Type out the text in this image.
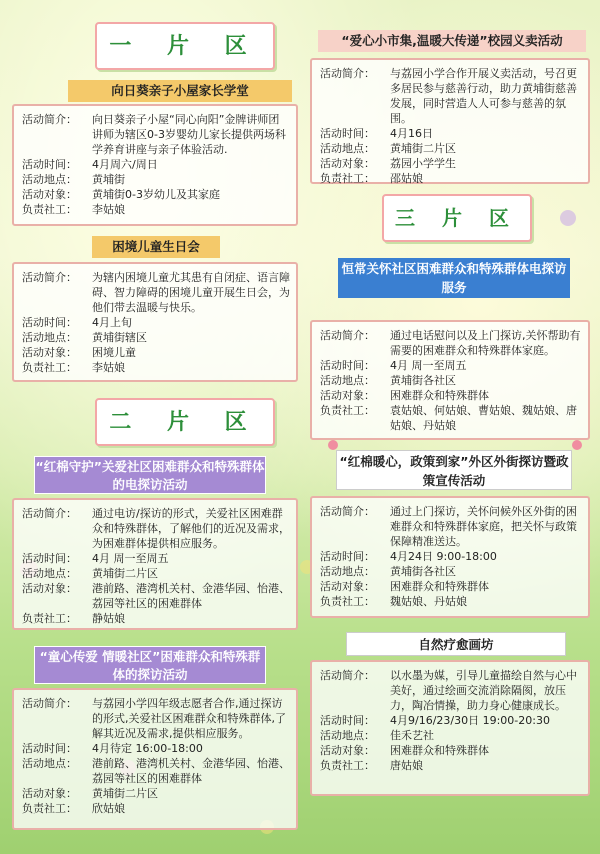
一 片 区
向日葵亲子小屋家长学堂
活动简介：	向日葵亲子小屋“同心向阳”金牌讲师团讲师为辖区0-3岁婴幼儿家长提供两场科学养育讲座与亲子体验活动.
活动时间：	4月周六/周日
活动地点：	黄埔街
活动对象：	黄埔街0-3岁幼儿及其家庭
负责社工：	李姑娘
困境儿童生日会
活动简介：	为辖内困境儿童尤其患有自闭症、语言障碍、智力障碍的困境儿童开展生日会，为他们带去温暖与快乐。
活动时间：	4月上旬
活动地点：	黄埔街辖区
活动对象：	困境儿童
负责社工：	李姑娘
二 片 区
“红棉守护”关爱社区困难群众和特殊群体的电探访活动
活动简介：	通过电访/探访的形式，关爱社区困难群众和特殊群体，了解他们的近况及需求，为困难群体提供相应服务。
活动时间：	4月 周一至周五
活动地点：	黄埔街二片区
活动对象：	港前路、港湾机关村、金港华园、怡港、荔园等社区的困难群体
负责社工：	静姑娘
“童心传爱 情暖社区”困难群众和特殊群体的探访活动
活动简介：	与荔园小学四年级志愿者合作,通过探访的形式,关爱社区困难群众和特殊群体,了解其近况及需求,提供相应服务。
活动时间：	4月待定 16:00-18:00
活动地点：	港前路、港湾机关村、金港华园、怡港、荔园等社区的困难群体
活动对象：	黄埔街二片区
负责社工：	欣姑娘
“爱心小市集,温暖大传递”校园义卖活动
活动简介：	与荔园小学合作开展义卖活动，号召更多居民参与慈善行动，助力黄埔街慈善发展，同时营造人人可参与慈善的氛围。
活动时间：	4月16日
活动地点：	黄埔街二片区
活动对象：	荔园小学学生
负责社工：	邵姑娘
三 片 区
恒常关怀社区困难群众和特殊群体电探访服务
活动简介：	通过电话慰问以及上门探访,关怀帮助有需要的困难群众和特殊群体家庭。
活动时间：	4月 周一至周五
活动地点：	黄埔街各社区
活动对象：	困难群众和特殊群体
负责社工：	袁姑娘、何姑娘、曹姑娘、魏姑娘、唐姑娘、丹姑娘
“红棉暖心，政策到家”外区外街探访暨政策宣传活动
活动简介：	通过上门探访，关怀问候外区外街的困难群众和特殊群体家庭，把关怀与政策保障精准送达。
活动时间：	4月24日 9:00-18:00
活动地点：	黄埔街各社区
活动对象：	困难群众和特殊群体
负责社工：	魏姑娘、丹姑娘
自然疗愈画坊
活动简介：	以水墨为媒，引导儿童描绘自然与心中美好，通过绘画交流消除隔阂，放压力，陶冶情操，助力身心健康成长。
活动时间：	4月9/16/23/30日 19:00-20:30
活动地点：	佳禾艺社
活动对象：	困难群众和特殊群体
负责社工：	唐姑娘
